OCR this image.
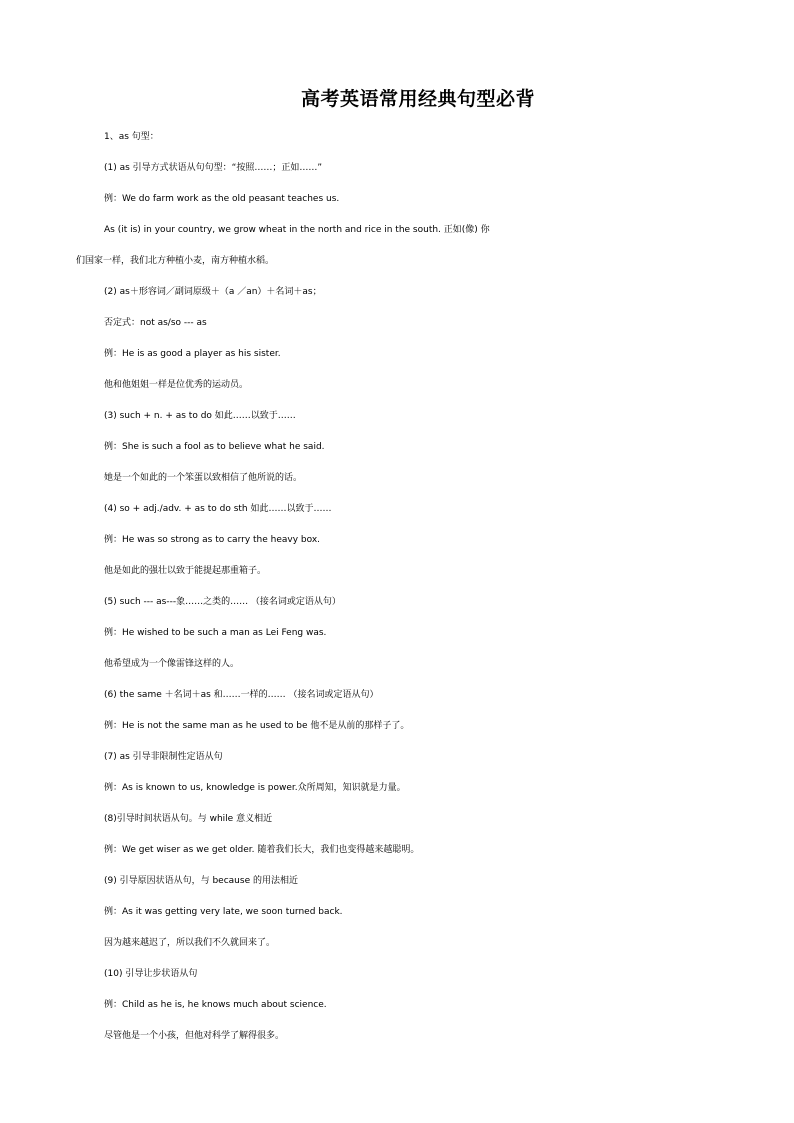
高考英语常用经典句型必背
1、as 句型：
(1) as 引导方式状语从句句型：“按照……；正如……”
例：We do farm work as the old peasant teaches us.
As (it is) in your country, we grow wheat in the north and rice in the south. 正如(像) 你
们国家一样，我们北方种植小麦，南方种植水稻。
(2) as＋形容词／副词原级＋（a ／an）＋名词＋as；
否定式：not as/so --- as
例：He is as good a player as his sister.
他和他姐姐一样是位优秀的运动员。
(3) such + n. + as to do 如此……以致于……
例：She is such a fool as to believe what he said.
她是一个如此的一个笨蛋以致相信了他所说的话。
(4) so + adj./adv. + as to do sth 如此……以致于……
例：He was so strong as to carry the heavy box.
他是如此的强壮以致于能提起那重箱子。
(5) such --- as---象……之类的…… （接名词或定语从句）
例：He wished to be such a man as Lei Feng was.
他希望成为一个像雷锋这样的人。
(6) the same ＋名词＋as 和……一样的…… （接名词或定语从句）
例：He is not the same man as he used to be 他不是从前的那样子了。
(7) as 引导非限制性定语从句
例：As is known to us, knowledge is power.众所周知，知识就是力量。
(8)引导时间状语从句。与 while 意义相近
例：We get wiser as we get older. 随着我们长大，我们也变得越来越聪明。
(9) 引导原因状语从句，与 because 的用法相近
例：As it was getting very late, we soon turned back.
因为越来越迟了，所以我们不久就回来了。
(10) 引导让步状语从句
例：Child as he is, he knows much about science.
尽管他是一个小孩，但他对科学了解得很多。
